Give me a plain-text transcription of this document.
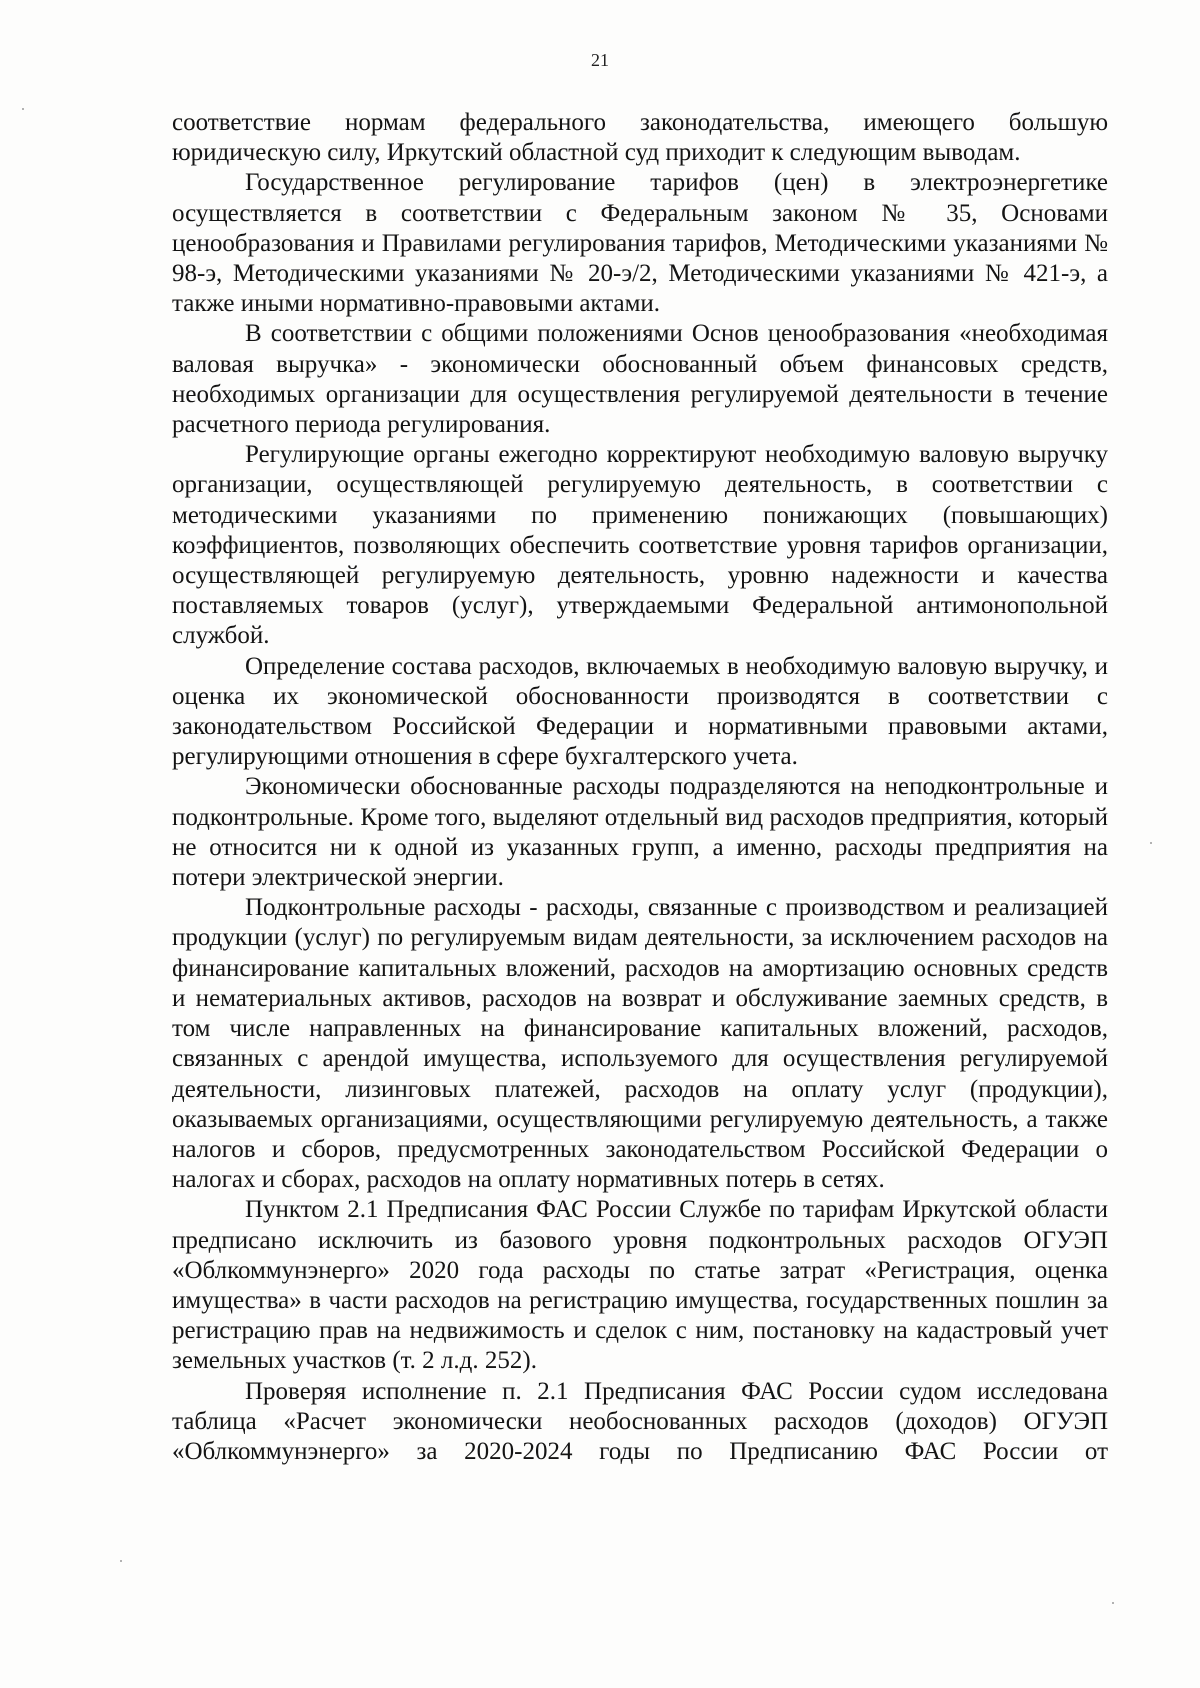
21

соответствие нормам федерального законодательства, имеющего большую юридическую силу, Иркутский областной суд приходит к следующим выводам.

Государственное регулирование тарифов (цен) в электроэнергетике осуществляется в соответствии с Федеральным законом № 35, Основами ценообразования и Правилами регулирования тарифов, Методическими указаниями № 98-э, Методическими указаниями № 20-э/2, Методическими указаниями № 421-э, а также иными нормативно-правовыми актами.

В соответствии с общими положениями Основ ценообразования «необходимая валовая выручка» - экономически обоснованный объем финансовых средств, необходимых организации для осуществления регулируемой деятельности в течение расчетного периода регулирования.

Регулирующие органы ежегодно корректируют необходимую валовую выручку организации, осуществляющей регулируемую деятельность, в соответствии с методическими указаниями по применению понижающих (повышающих) коэффициентов, позволяющих обеспечить соответствие уровня тарифов организации, осуществляющей регулируемую деятельность, уровню надежности и качества поставляемых товаров (услуг), утверждаемыми Федеральной антимонопольной службой.

Определение состава расходов, включаемых в необходимую валовую выручку, и оценка их экономической обоснованности производятся в соответствии с законодательством Российской Федерации и нормативными правовыми актами, регулирующими отношения в сфере бухгалтерского учета.

Экономически обоснованные расходы подразделяются на неподконтрольные и подконтрольные. Кроме того, выделяют отдельный вид расходов предприятия, который не относится ни к одной из указанных групп, а именно, расходы предприятия на потери электрической энергии.

Подконтрольные расходы - расходы, связанные с производством и реализацией продукции (услуг) по регулируемым видам деятельности, за исключением расходов на финансирование капитальных вложений, расходов на амортизацию основных средств и нематериальных активов, расходов на возврат и обслуживание заемных средств, в том числе направленных на финансирование капитальных вложений, расходов, связанных с арендой имущества, используемого для осуществления регулируемой деятельности, лизинговых платежей, расходов на оплату услуг (продукции), оказываемых организациями, осуществляющими регулируемую деятельность, а также налогов и сборов, предусмотренных законодательством Российской Федерации о налогах и сборах, расходов на оплату нормативных потерь в сетях.

Пунктом 2.1 Предписания ФАС России Службе по тарифам Иркутской области предписано исключить из базового уровня подконтрольных расходов ОГУЭП «Облкоммунэнерго» 2020 года расходы по статье затрат «Регистрация, оценка имущества» в части расходов на регистрацию имущества, государственных пошлин за регистрацию прав на недвижимость и сделок с ним, постановку на кадастровый учет земельных участков (т. 2 л.д. 252).

Проверяя исполнение п. 2.1 Предписания ФАС России судом исследована таблица «Расчет экономически необоснованных расходов (доходов) ОГУЭП «Облкоммунэнерго» за 2020-2024 годы по Предписанию ФАС России от
